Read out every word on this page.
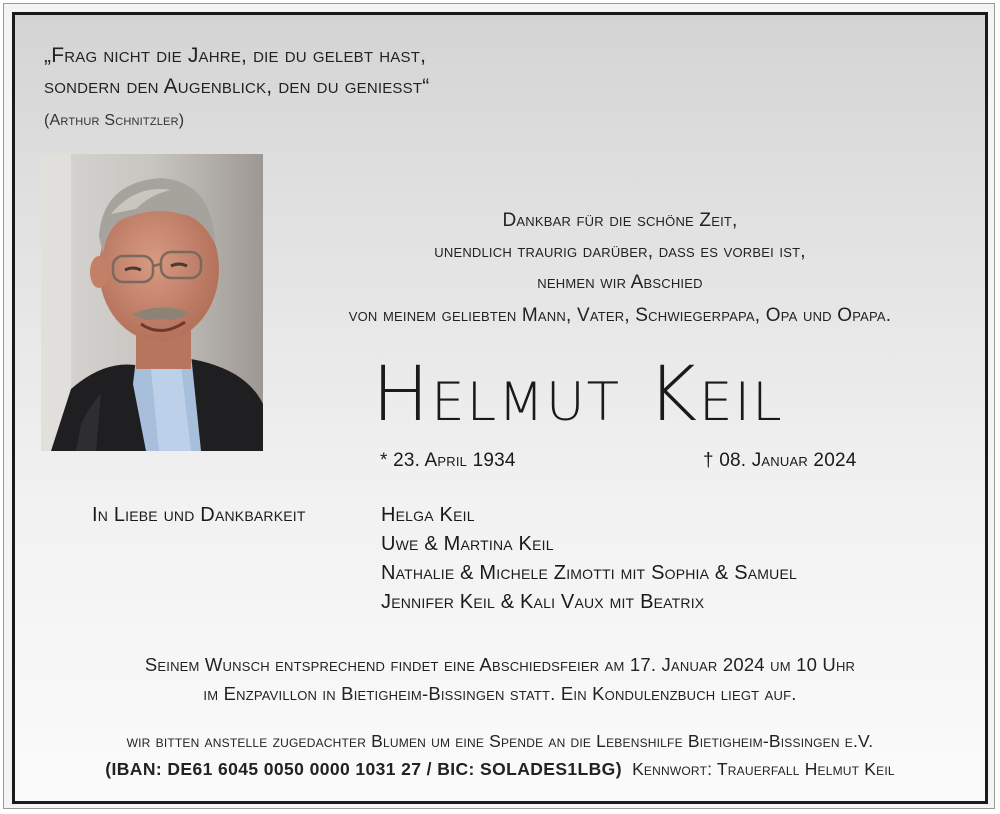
„Frag nicht die Jahre, die du gelebt hast,
sondern den Augenblick, den du geniesst“
(Arthur Schnitzler)
Dankbar für die schöne Zeit,
unendlich traurig darüber, dass es vorbei ist,
nehmen wir Abschied
von meinem geliebten Mann, Vater, Schwiegerpapa, Opa und Opapa.
Helmut Keil
* 23. April 1934	† 08. Januar 2024
In Liebe und Dankbarkeit	Helga Keil
Uwe & Martina Keil
Nathalie & Michele Zimotti mit Sophia & Samuel
Jennifer Keil & Kali Vaux mit Beatrix
Seinem Wunsch entsprechend findet eine Abschiedsfeier am 17. Januar 2024 um 10 Uhr
im Enzpavillon in Bietigheim-Bissingen statt. Ein Kondulenzbuch liegt auf.
wir bitten anstelle zugedachter Blumen um eine Spende an die Lebenshilfe Bietigheim-Bissingen e.V.
(IBAN: DE61 6045 0050 0000 1031 27 / BIC: SOLADES1LBG) Kennwort: Trauerfall Helmut Keil
